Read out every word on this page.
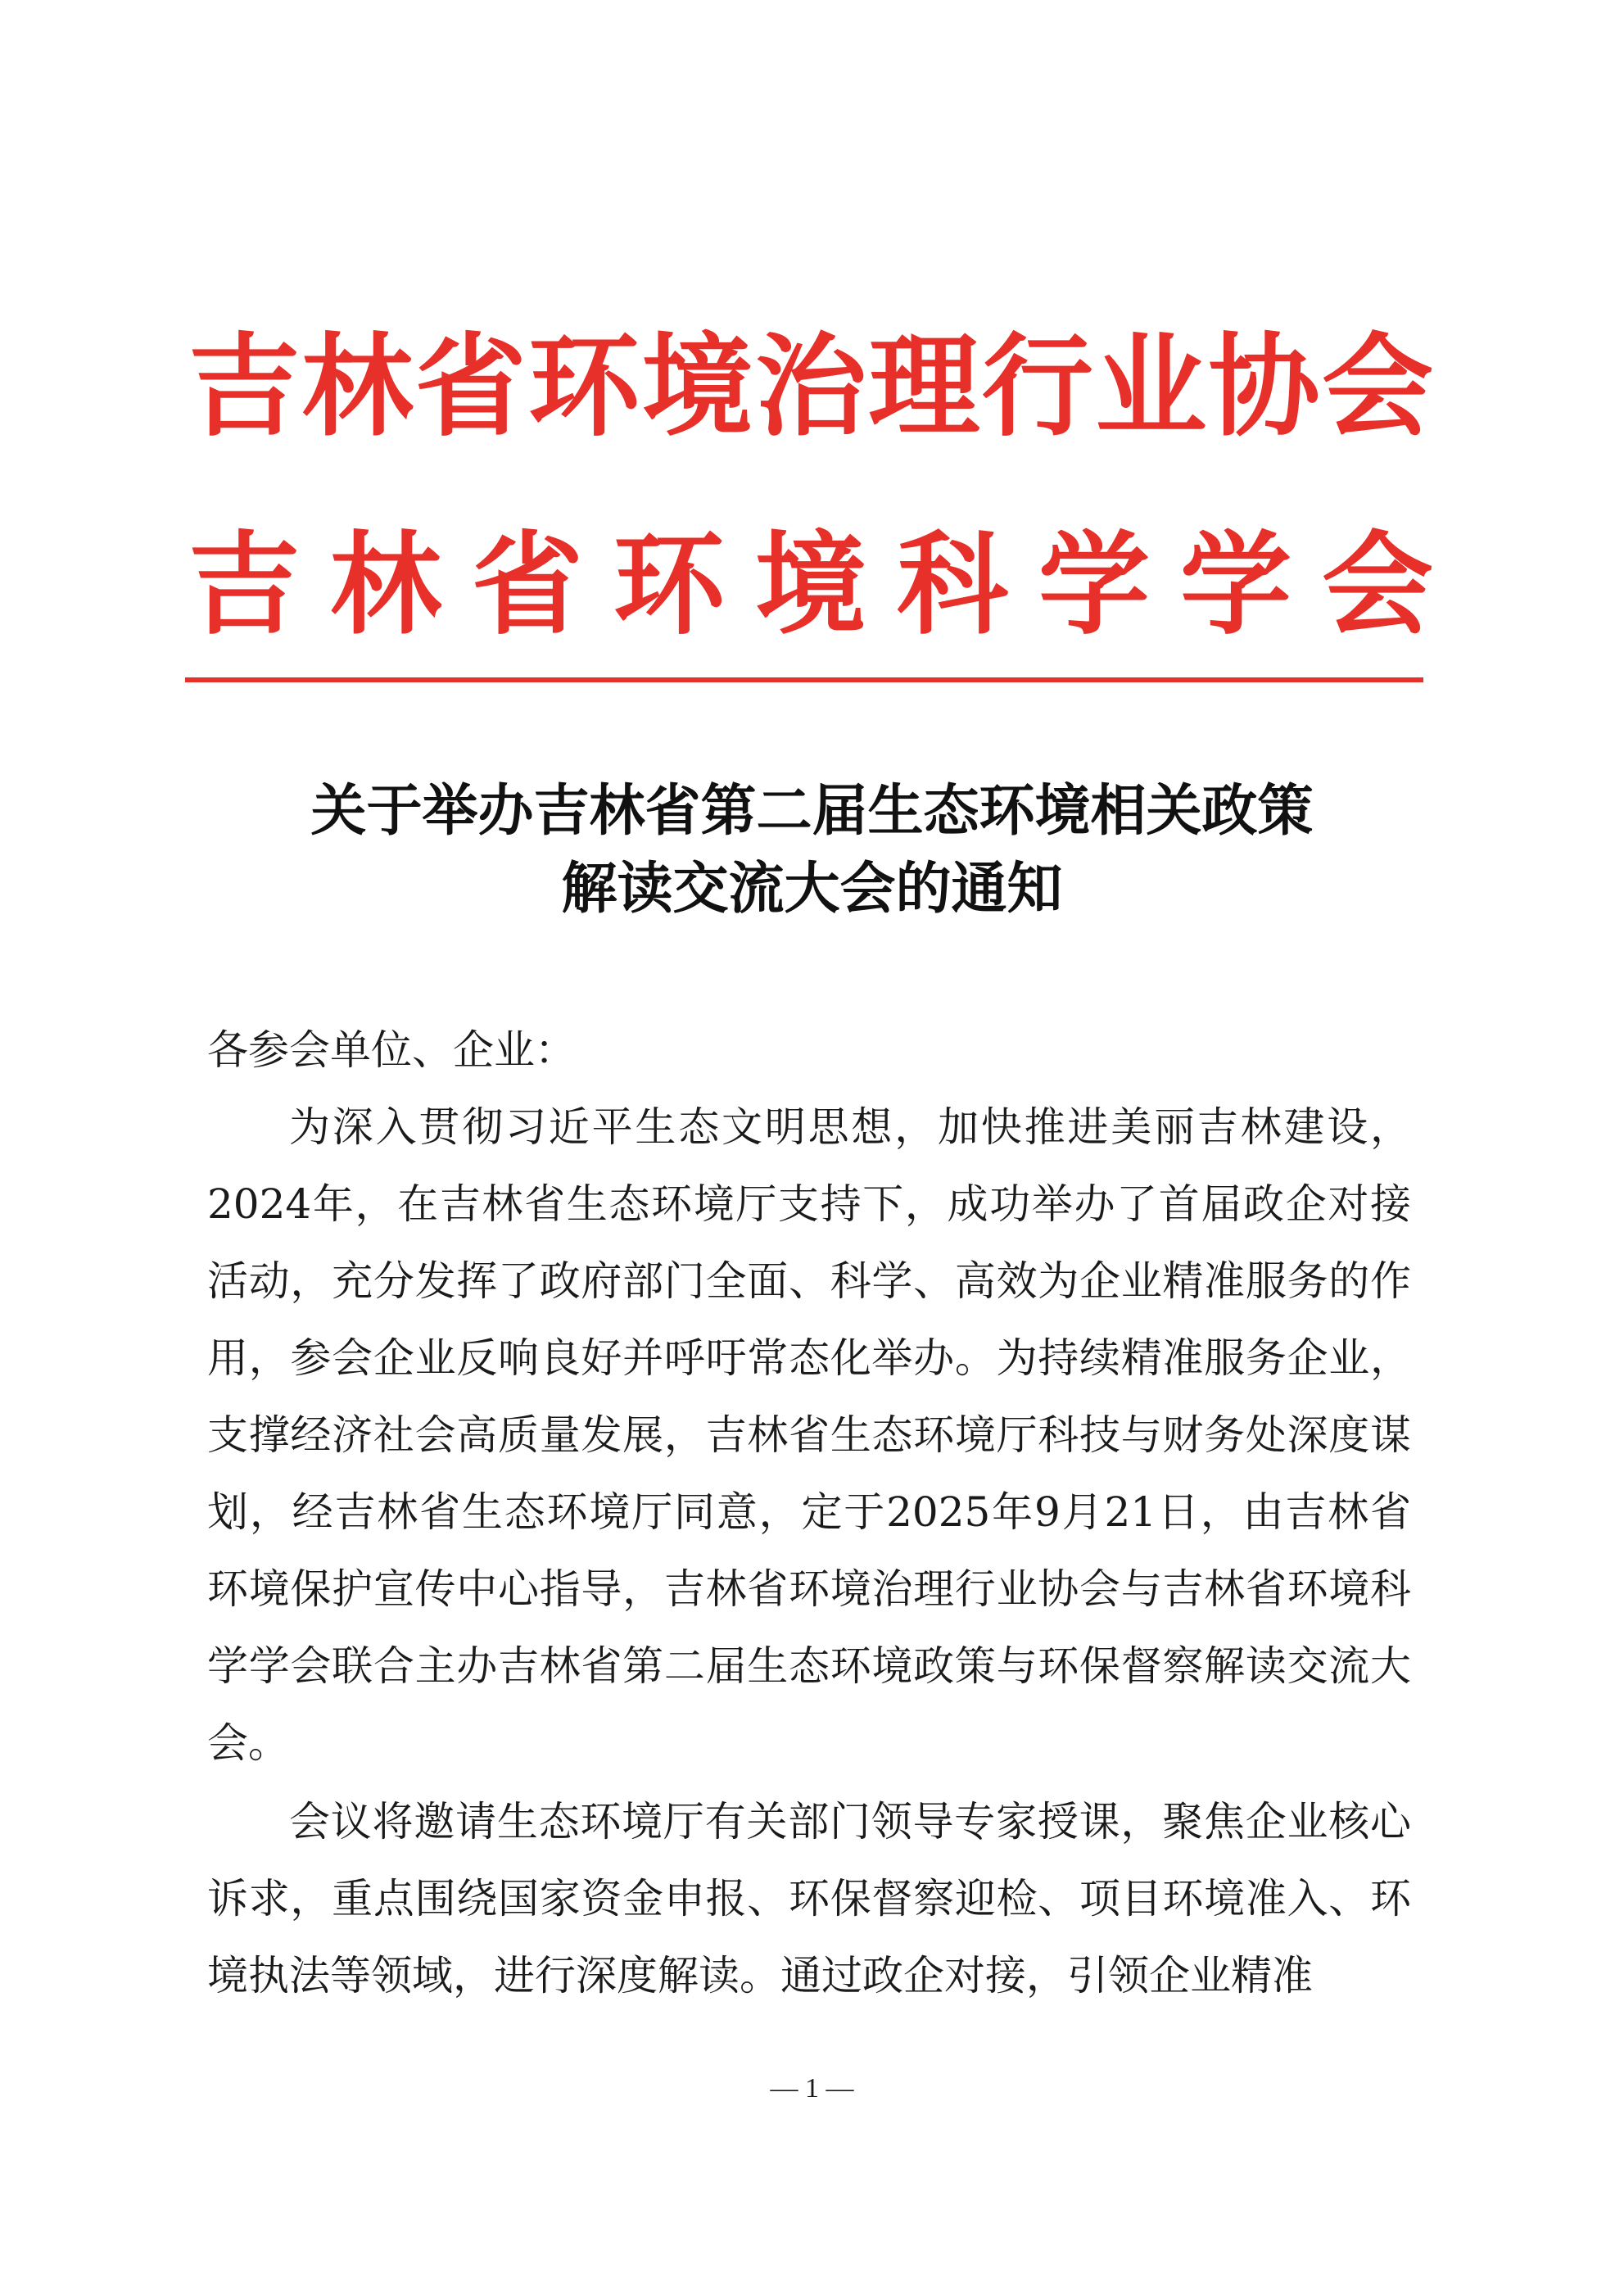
吉林省环境治理行业协会
吉林省环境科学学会
关于举办吉林省第二届生态环境相关政策
解读交流大会的通知
各参会单位、企业：
为深入贯彻习近平生态文明思想，加快推进美丽吉林建设，2024年，在吉林省生态环境厅支持下，成功举办了首届政企对接活动，充分发挥了政府部门全面、科学、高效为企业精准服务的作用，参会企业反响良好并呼吁常态化举办。为持续精准服务企业，支撑经济社会高质量发展，吉林省生态环境厅科技与财务处深度谋划，经吉林省生态环境厅同意，定于2025年9月21日，由吉林省环境保护宣传中心指导，吉林省环境治理行业协会与吉林省环境科学学会联合主办吉林省第二届生态环境政策与环保督察解读交流大会。
会议将邀请生态环境厅有关部门领导专家授课，聚焦企业核心诉求，重点围绕国家资金申报、环保督察迎检、项目环境准入、环境执法等领域，进行深度解读。通过政企对接，引领企业精准
— 1 —
